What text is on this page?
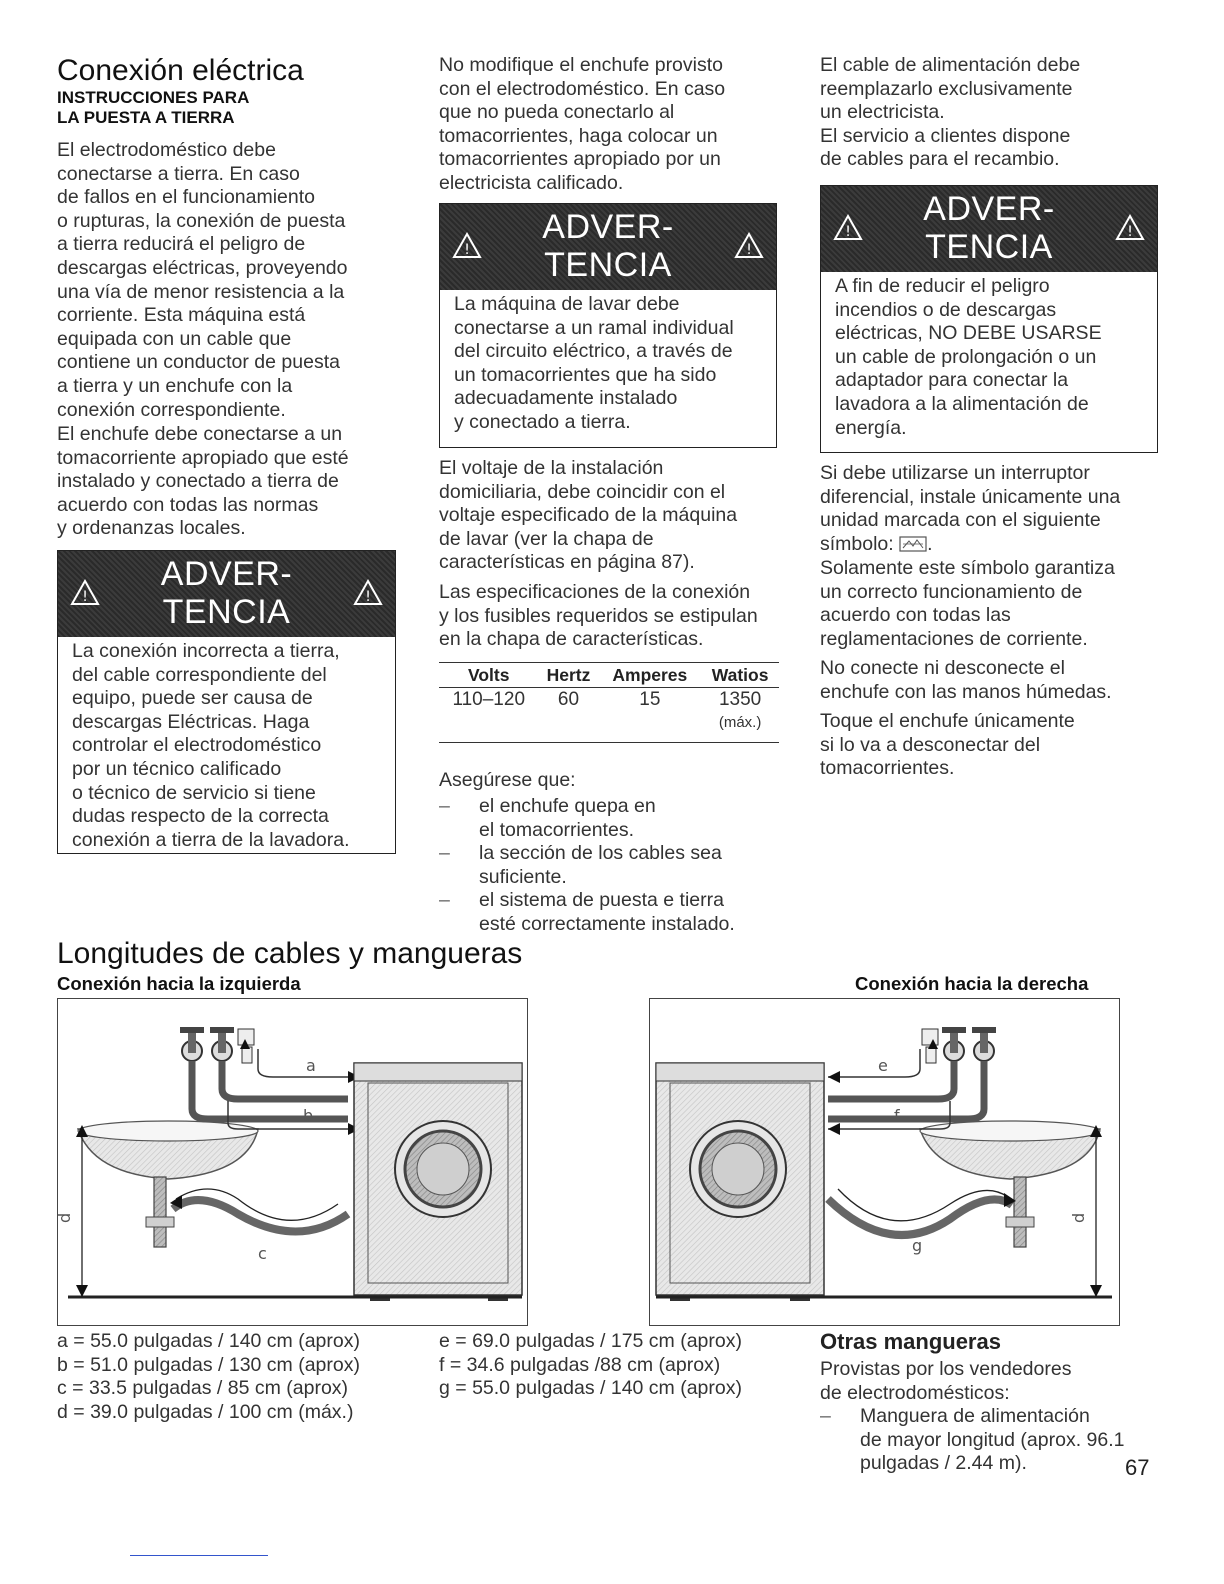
Conexión eléctrica
INSTRUCCIONES PARA
LA PUESTA A TIERRA

El electrodoméstico debe
conectarse a tierra. En caso
de fallos en el funcionamiento
o rupturas, la conexión de puesta
a tierra reducirá el peligro de
descargas eléctricas, proveyendo
una vía de menor resistencia a la
corriente. Esta máquina está
equipada con un cable que
contiene un conductor de puesta
a tierra y un enchufe con la
conexión correspondiente.

El enchufe debe conectarse a un
tomacorriente apropiado que esté
instalado y conectado a tierra de
acuerdo con todas las normas
y ordenanzas locales.

!
ADVER-
TENCIA	!
La conexión incorrecta a tierra,
del cable correspondiente del
equipo, puede ser causa de
descargas Eléctricas. Haga
controlar el electrodoméstico
por un técnico calificado
o técnico de servicio si tiene
dudas respecto de la correcta
conexión a tierra de la lavadora.

No modifique el enchufe provisto
con el electrodoméstico. En caso
que no pueda conectarlo al
tomacorrientes, haga colocar un
tomacorrientes apropiado por un
electricista calificado.

!
ADVER-
TENCIA	!
La máquina de lavar debe
conectarse a un ramal individual
del circuito eléctrico, a través de
un tomacorrientes que ha sido
adecuadamente instalado
y conectado a tierra.

El voltaje de la instalación
domiciliaria, debe coincidir con el
voltaje especificado de la máquina
de lavar (ver la chapa de
características en página 87).

Las especificaciones de la conexión
y los fusibles requeridos se estipulan
en la chapa de características.

Volts	Hertz	Amperes	Watios
110–120	60	15	1350
			(máx.)
Asegúrese que:
– el enchufe quepa en
el tomacorrientes.
– la sección de los cables sea
suficiente.
– el sistema de puesta e tierra
esté correctamente instalado.

El cable de alimentación debe
reemplazarlo exclusivamente
un electricista.
El servicio a clientes dispone
de cables para el recambio.

!
ADVER-
TENCIA	!
A fin de reducir el peligro
incendios o de descargas
eléctricas, NO DEBE USARSE
un cable de prolongación o un
adaptador para conectar la
lavadora a la alimentación de
energía.
Si debe utilizarse un interruptor
diferencial, instale únicamente una
unidad marcada con el siguiente
símbolo: .

Solamente este símbolo garantiza
un correcto funcionamiento de
acuerdo con todas las
reglamentaciones de corriente.

No conecte ni desconecte el
enchufe con las manos húmedas.

Toque el enchufe únicamente
si lo va a desconectar del
tomacorrientes.

Longitudes de cables y mangueras
Conexión hacia la izquierda	Conexión hacia la derecha
a
b
c
d
e
f
g
d
a = 55.0 pulgadas / 140 cm (aprox)
b = 51.0 pulgadas / 130 cm (aprox)
c = 33.5 pulgadas / 85 cm (aprox)
d = 39.0 pulgadas / 100 cm (máx.)
e = 69.0 pulgadas / 175 cm (aprox)
f = 34.6 pulgadas /88 cm (aprox)
g = 55.0 pulgadas / 140 cm (aprox)
Otras mangueras

Provistas por los vendedores
de electrodomésticos:

– Manguera de alimentación
de mayor longitud (aprox. 96.1
pulgadas / 2.44 m).	67
